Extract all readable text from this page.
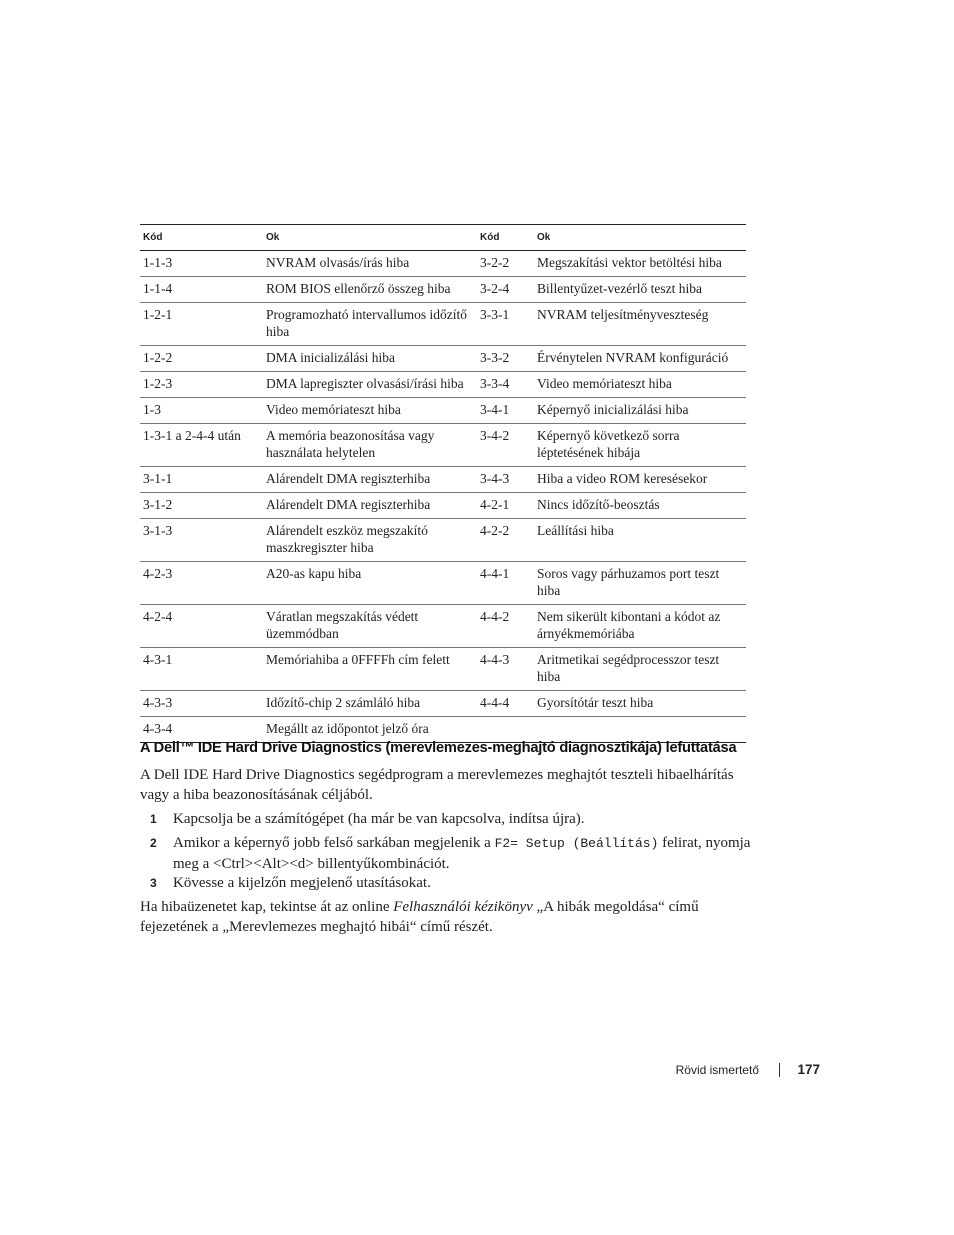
Kód	Ok	Kód	Ok
1-1-3	NVRAM olvasás/írás hiba	3-2-2	Megszakítási vektor betöltési hiba
1-1-4	ROM BIOS ellenőrző összeg hiba	3-2-4	Billentyűzet-vezérlő teszt hiba
1-2-1	Programozható intervallumos időzítő hiba	3-3-1	NVRAM teljesítményveszteség
1-2-2	DMA inicializálási hiba	3-3-2	Érvénytelen NVRAM konfiguráció
1-2-3	DMA lapregiszter olvasási/írási hiba	3-3-4	Video memóriateszt hiba
1-3	Video memóriateszt hiba	3-4-1	Képernyő inicializálási hiba
1-3-1 a 2-4-4 után	A memória beazonosítása vagy használata helytelen	3-4-2	Képernyő következő sorra léptetésének hibája
3-1-1	Alárendelt DMA regiszterhiba	3-4-3	Hiba a video ROM keresésekor
3-1-2	Alárendelt DMA regiszterhiba	4-2-1	Nincs időzítő-beosztás
3-1-3	Alárendelt eszköz megszakító maszkregiszter hiba	4-2-2	Leállítási hiba
4-2-3	A20-as kapu hiba	4-4-1	Soros vagy párhuzamos port teszt hiba
4-2-4	Váratlan megszakítás védett üzemmódban	4-4-2	Nem sikerült kibontani a kódot az árnyékmemóriába
4-3-1	Memóriahiba a 0FFFFh cím felett	4-4-3	Aritmetikai segédprocesszor teszt hiba
4-3-3	Időzítő-chip 2 számláló hiba	4-4-4	Gyorsítótár teszt hiba
4-3-4	Megállt az időpontot jelző óra		
A Dell™ IDE Hard Drive Diagnostics (merevlemezes-meghajtó diagnosztikája) lefuttatása

A Dell IDE Hard Drive Diagnostics segédprogram a merevlemezes meghajtót teszteli hibaelhárítás vagy a hiba beazonosításának céljából.

1 Kapcsolja be a számítógépet (ha már be van kapcsolva, indítsa újra).
2 Amikor a képernyő jobb felső sarkában megjelenik a F2= Setup (Beállítás) felirat, nyomja meg a <Ctrl><Alt><d> billentyűkombinációt.
3 Kövesse a kijelzőn megjelenő utasításokat.

Ha hibaüzenetet kap, tekintse át az online Felhasználói kézikönyv „A hibák megoldása“ című fejezetének a „Merevlemezes meghajtó hibái“ című részét.

Rövid ismertető	177
